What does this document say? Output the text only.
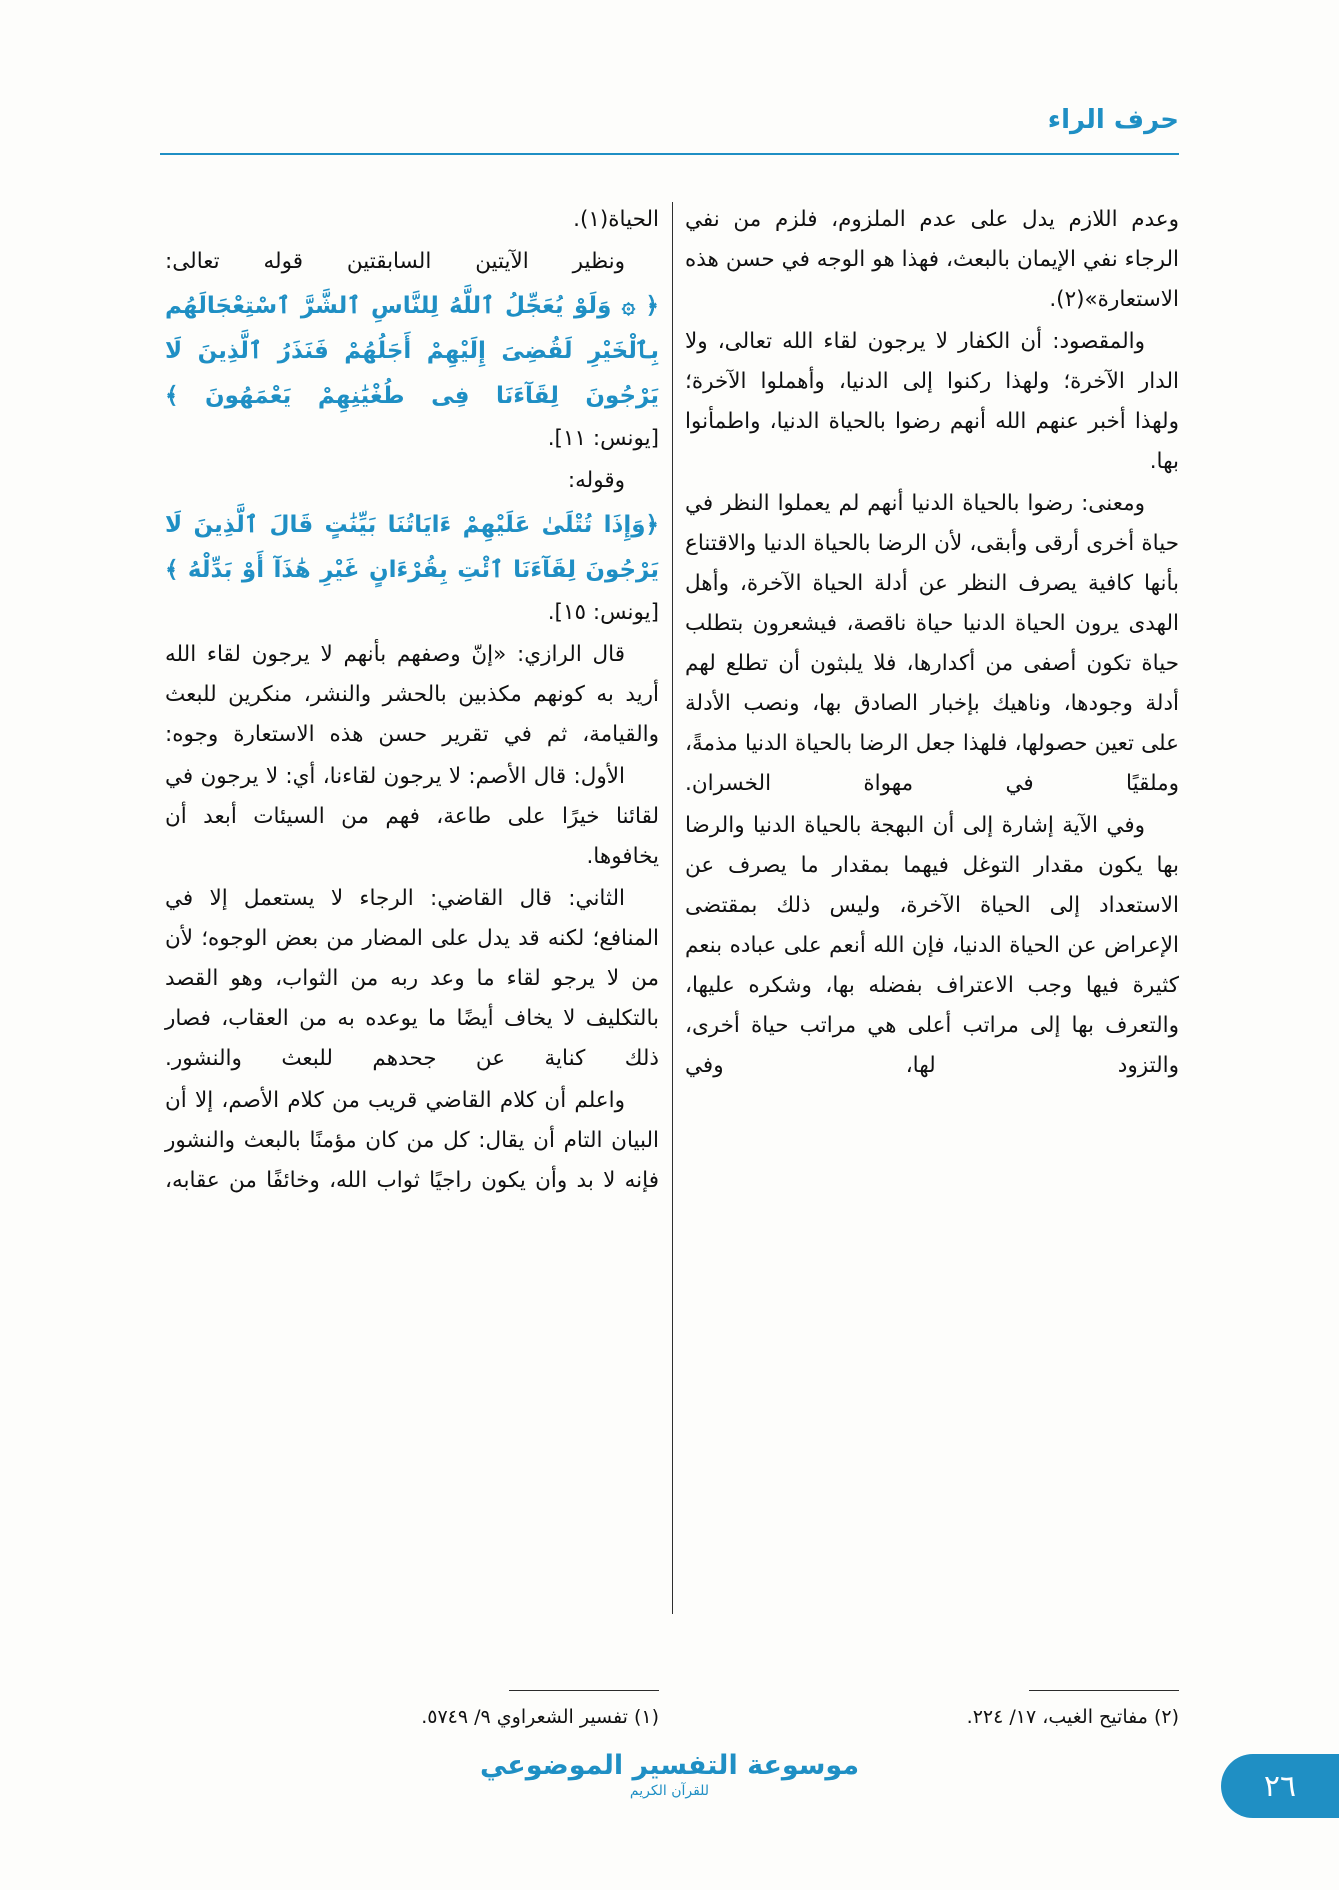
حرف الراء

الحياة(١).

ونظير الآيتين السابقتين قوله تعالى:

﴿ ۞ وَلَوْ يُعَجِّلُ ٱللَّهُ لِلنَّاسِ ٱلشَّرَّ ٱسْتِعْجَالَهُم بِٱلْخَيْرِ لَقُضِىَ إِلَيْهِمْ أَجَلُهُمْ فَنَذَرُ ٱلَّذِينَ لَا يَرْجُونَ لِقَآءَنَا فِى طُغْيَٰنِهِمْ يَعْمَهُونَ ﴾

[يونس: ١١].

وقوله:

﴿وَإِذَا تُتْلَىٰ عَلَيْهِمْ ءَايَاتُنَا بَيِّنَٰتٍ قَالَ ٱلَّذِينَ لَا يَرْجُونَ لِقَآءَنَا ٱئْتِ بِقُرْءَانٍ غَيْرِ هَٰذَآ أَوْ بَدِّلْهُ ﴾

[يونس: ١٥].

قال الرازي: «إنّ وصفهم بأنهم لا يرجون لقاء الله أريد به كونهم مكذبين بالحشر والنشر، منكرين للبعث والقيامة، ثم في تقرير حسن هذه الاستعارة وجوه:

الأول: قال الأصم: لا يرجون لقاءنا، أي: لا يرجون في لقائنا خيرًا على طاعة، فهم من السيئات أبعد أن يخافوها.

الثاني: قال القاضي: الرجاء لا يستعمل إلا في المنافع؛ لكنه قد يدل على المضار من بعض الوجوه؛ لأن من لا يرجو لقاء ما وعد ربه من الثواب، وهو القصد بالتكليف لا يخاف أيضًا ما يوعده به من العقاب، فصار ذلك كناية عن جحدهم للبعث والنشور.

واعلم أن كلام القاضي قريب من كلام الأصم، إلا أن البيان التام أن يقال: كل من كان مؤمنًا بالبعث والنشور فإنه لا بد وأن يكون راجيًا ثواب الله، وخائفًا من عقابه،

وعدم اللازم يدل على عدم الملزوم، فلزم من نفي الرجاء نفي الإيمان بالبعث، فهذا هو الوجه في حسن هذه الاستعارة»(٢).

والمقصود: أن الكفار لا يرجون لقاء الله تعالى، ولا الدار الآخرة؛ ولهذا ركنوا إلى الدنيا، وأهملوا الآخرة؛ ولهذا أخبر عنهم الله أنهم رضوا بالحياة الدنيا، واطمأنوا بها.

ومعنى: رضوا بالحياة الدنيا أنهم لم يعملوا النظر في حياة أخرى أرقى وأبقى، لأن الرضا بالحياة الدنيا والاقتناع بأنها كافية يصرف النظر عن أدلة الحياة الآخرة، وأهل الهدى يرون الحياة الدنيا حياة ناقصة، فيشعرون بتطلب حياة تكون أصفى من أكدارها، فلا يلبثون أن تطلع لهم أدلة وجودها، وناهيك بإخبار الصادق بها، ونصب الأدلة على تعين حصولها، فلهذا جعل الرضا بالحياة الدنيا مذمةً، وملقيًا في مهواة الخسران.

وفي الآية إشارة إلى أن البهجة بالحياة الدنيا والرضا بها يكون مقدار التوغل فيهما بمقدار ما يصرف عن الاستعداد إلى الحياة الآخرة، وليس ذلك بمقتضى الإعراض عن الحياة الدنيا، فإن الله أنعم على عباده بنعم كثيرة فيها وجب الاعتراف بفضله بها، وشكره عليها، والتعرف بها إلى مراتب أعلى هي مراتب حياة أخرى، والتزود لها، وفي

(١) تفسير الشعراوي ٩/ ٥٧٤٩.	(٢) مفاتيح الغيب، ١٧/ ٢٢٤.
موسوعة التفسير الموضوعي
للقرآن الكريم	٢٦
